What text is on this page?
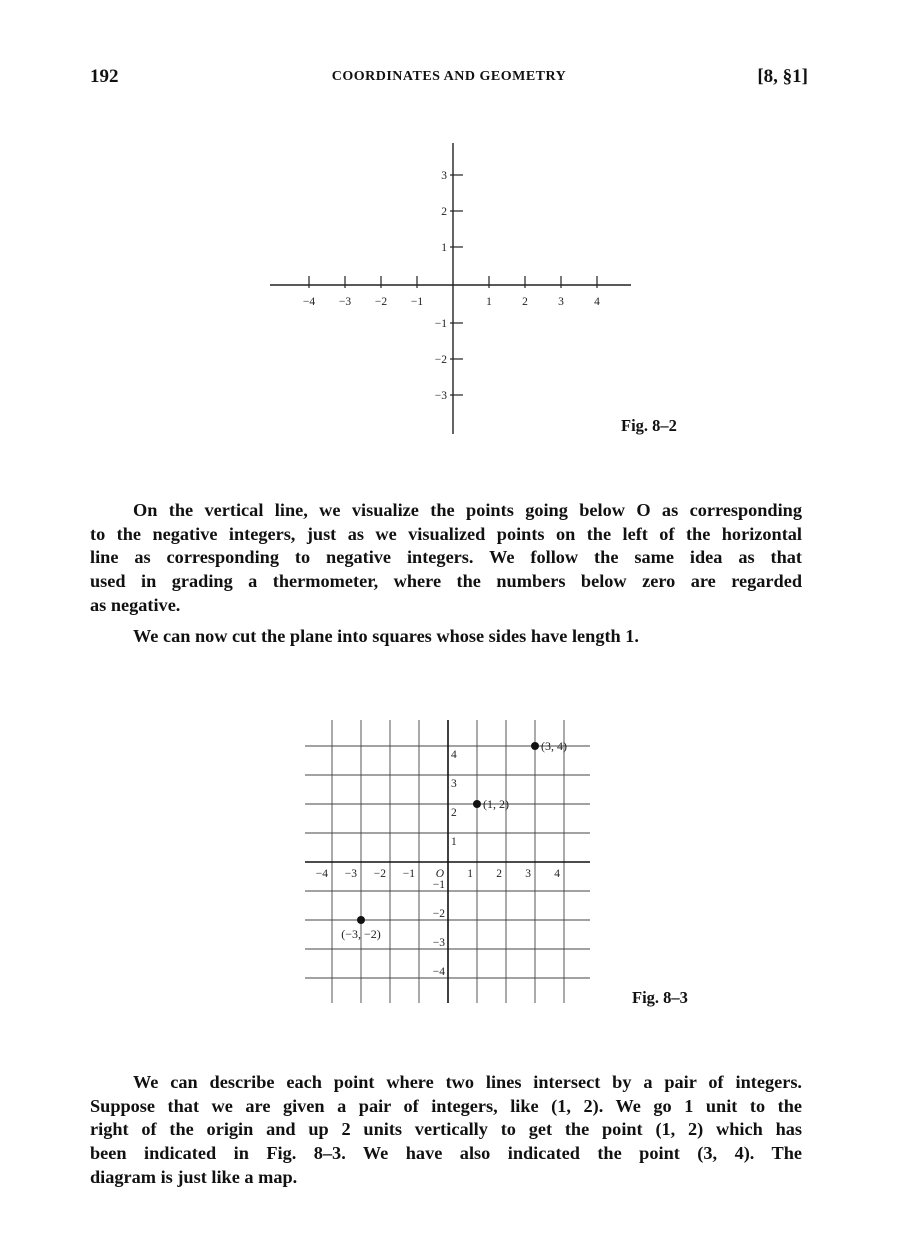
192	COORDINATES AND GEOMETRY	[8, §1]
−4 −3 −2 −1	1	2	3	4
3
2
1
−1
−2
−3
Fig. 8–2

On the vertical line, we visualize the points going below O as corresponding
to the negative integers, just as we visualized points on the left of the horizontal
line as corresponding to negative integers. We follow the same idea as that
used in grading a thermometer, where the numbers below zero are regarded
as negative.

We can now cut the plane into squares whose sides have length 1.

−4 −3 −2 −1	1 2 3 4
O
4
3
2
1
−1
−2
−3
−4
(3, 4)
(1, 2)
(−3, −2)
Fig. 8–3

We can describe each point where two lines intersect by a pair of integers.
Suppose that we are given a pair of integers, like (1, 2). We go 1 unit to the
right of the origin and up 2 units vertically to get the point (1, 2) which has
been indicated in Fig. 8–3. We have also indicated the point (3, 4). The
diagram is just like a map.
